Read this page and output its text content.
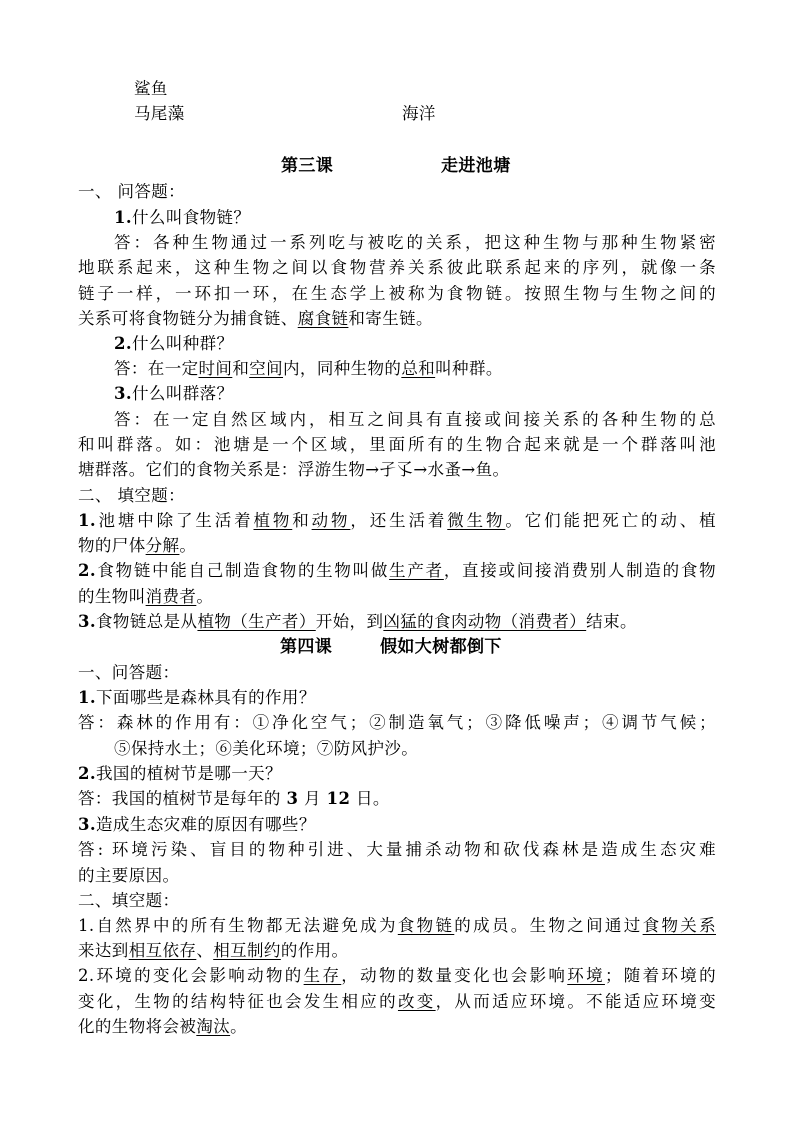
鲨鱼
马尾藻	海洋
第三课	走进池塘
一、 问答题：
1.什么叫食物链？
答：各种生物通过一系列吃与被吃的关系，把这种生物与那种生物紧密
地联系起来，这种生物之间以食物营养关系彼此联系起来的序列，就像一条
链子一样，一环扣一环，在生态学上被称为食物链。按照生物与生物之间的
关系可将食物链分为捕食链、腐食链和寄生链。
2.什么叫种群？
答：在一定时间和空间内，同种生物的总和叫种群。
3.什么叫群落？
答：在一定自然区域内，相互之间具有直接或间接关系的各种生物的总
和叫群落。如：池塘是一个区域，里面所有的生物合起来就是一个群落叫池
塘群落。它们的食物关系是：浮游生物→孑孓→水蚤→鱼。
二、 填空题：
1.池塘中除了生活着植物和动物，还生活着微生物。它们能把死亡的动、植
物的尸体分解。
2.食物链中能自己制造食物的生物叫做生产者，直接或间接消费别人制造的食物
的生物叫消费者。
3.食物链总是从植物（生产者）开始，到凶猛的食肉动物（消费者）结束。
第四课	假如大树都倒下
一、问答题：
1.下面哪些是森林具有的作用？
答：森林的作用有：①净化空气；②制造氧气；③降低噪声；④调节气候；
⑤保持水土；⑥美化环境；⑦防风护沙。
2.我国的植树节是哪一天？
答：我国的植树节是每年的 3 月 12 日。
3.造成生态灾难的原因有哪些？
答: 环境污染、盲目的物种引进、大量捕杀动物和砍伐森林是造成生态灾难
的主要原因。
二、填空题：
1.自然界中的所有生物都无法避免成为食物链的成员。生物之间通过食物关系
来达到相互依存、相互制约的作用。
2.环境的变化会影响动物的生存，动物的数量变化也会影响环境；随着环境的
变化，生物的结构特征也会发生相应的改变，从而适应环境。不能适应环境变
化的生物将会被淘汰。
